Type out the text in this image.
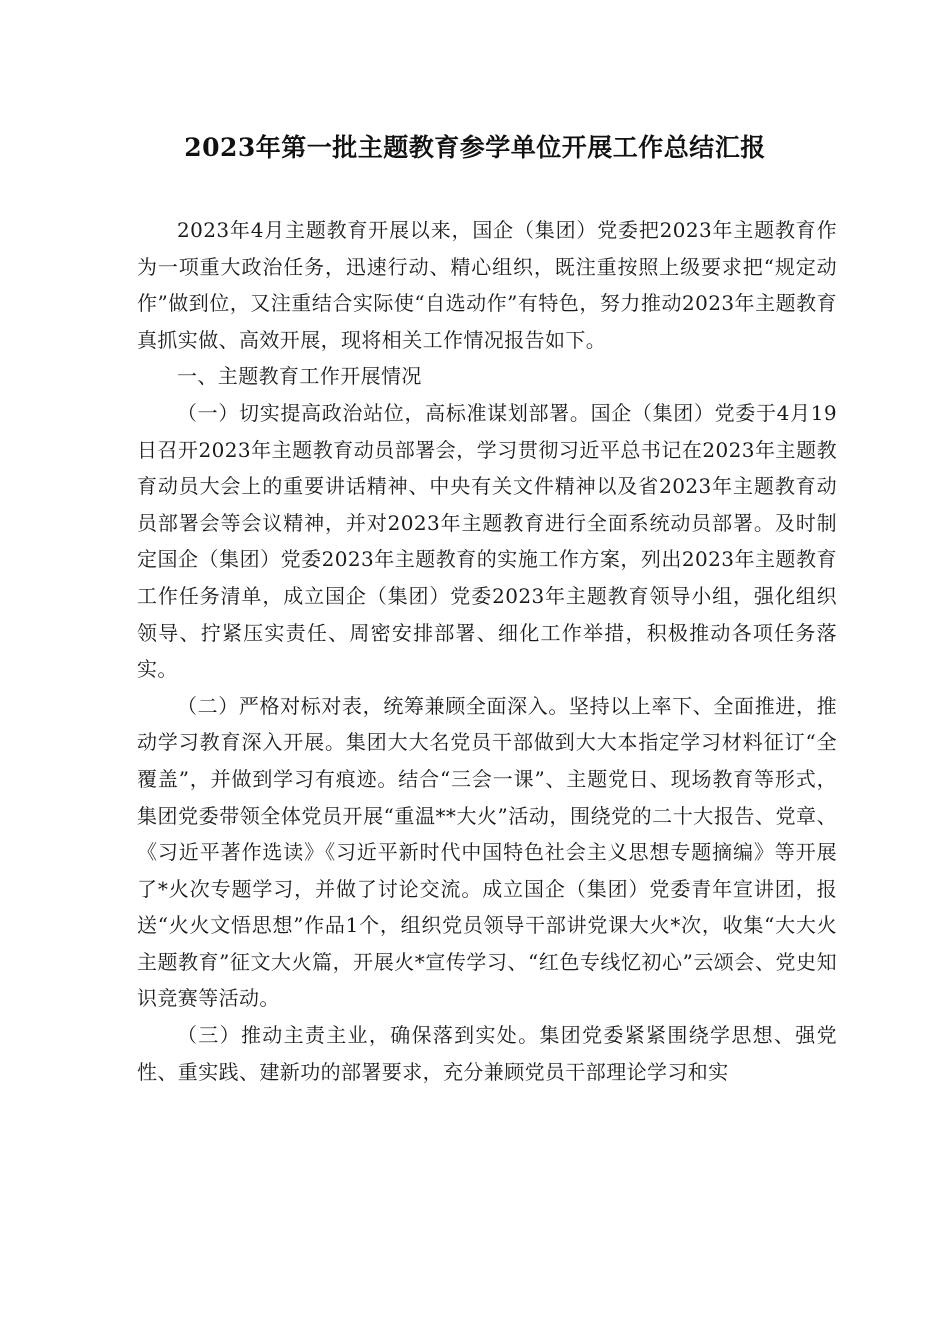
2023年第一批主题教育参学单位开展工作总结汇报

2023年4月主题教育开展以来，国企（集团）党委把2023年主题教育作为一项重大政治任务，迅速行动、精心组织，既注重按照上级要求把“规定动作”做到位，又注重结合实际使“自选动作”有特色，努力推动2023年主题教育真抓实做、高效开展，现将相关工作情况报告如下。

一、主题教育工作开展情况

（一）切实提高政治站位，高标准谋划部署。国企（集团）党委于4月19日召开2023年主题教育动员部署会，学习贯彻习近平总书记在2023年主题教育动员大会上的重要讲话精神、中央有关文件精神以及省2023年主题教育动员部署会等会议精神，并对2023年主题教育进行全面系统动员部署。及时制定国企（集团）党委2023年主题教育的实施工作方案，列出2023年主题教育工作任务清单，成立国企（集团）党委2023年主题教育领导小组，强化组织领导、拧紧压实责任、周密安排部署、细化工作举措，积极推动各项任务落实。

（二）严格对标对表，统筹兼顾全面深入。坚持以上率下、全面推进，推动学习教育深入开展。集团大大名党员干部做到大大本指定学习材料征订“全覆盖”，并做到学习有痕迹。结合“三会一课”、主题党日、现场教育等形式，集团党委带领全体党员开展“重温**大火”活动，围绕党的二十大报告、党章、《习近平著作选读》《习近平新时代中国特色社会主义思想专题摘编》等开展了*火次专题学习，并做了讨论交流。成立国企（集团）党委青年宣讲团，报送“火火文悟思想”作品1个，组织党员领导干部讲党课大火*次，收集“大大火主题教育”征文大火篇，开展火*宣传学习、“红色专线忆初心”云颂会、党史知识竞赛等活动。

（三）推动主责主业，确保落到实处。集团党委紧紧围绕学思想、强党性、重实践、建新功的部署要求，充分兼顾党员干部理论学习和实
